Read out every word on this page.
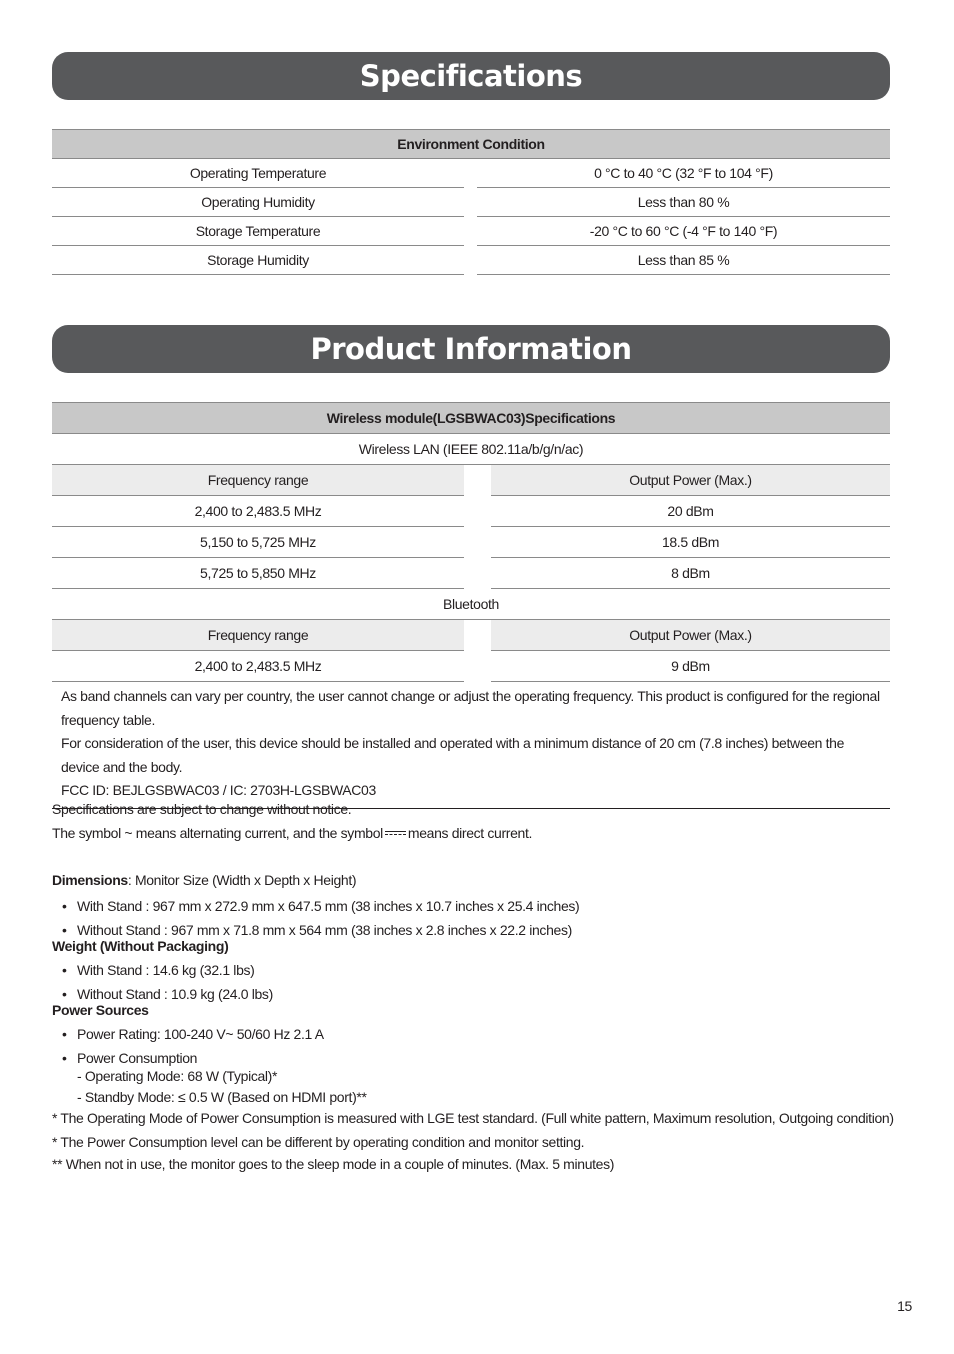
Specifications
Environment Condition
Operating Temperature	0 °C to 40 °C (32 °F to 104 °F)
Operating Humidity	Less than 80 %
Storage Temperature	-20 °C to 60 °C (-4 °F to 140 °F)
Storage Humidity	Less than 85 %
Product Information
Wireless module(LGSBWAC03)Specifications
Wireless LAN (IEEE 802.11a/b/g/n/ac)
Frequency range	Output Power (Max.)
2,400 to 2,483.5 MHz	20 dBm
5,150 to 5,725 MHz	18.5 dBm
5,725 to 5,850 MHz	8 dBm
Bluetooth
Frequency range	Output Power (Max.)
2,400 to 2,483.5 MHz	9 dBm
As band channels can vary per country, the user cannot change or adjust the operating frequency. This product is configured for the regional frequency table.
For consideration of the user, this device should be installed and operated with a minimum distance of 20 cm (7.8 inches) between the device and the body.
FCC ID: BEJLGSBWAC03 / IC: 2703H-LGSBWAC03

Specifications are subject to change without notice.

The symbol ~ means alternating current, and the symbol means direct current.

Dimensions: Monitor Size (Width x Depth x Height)

• With Stand : 967 mm x 272.9 mm x 647.5 mm (38 inches x 10.7 inches x 25.4 inches)
• Without Stand : 967 mm x 71.8 mm x 564 mm (38 inches x 2.8 inches x 22.2 inches)

Weight (Without Packaging)

• With Stand : 14.6 kg (32.1 lbs)
• Without Stand : 10.9 kg (24.0 lbs)

Power Sources

• Power Rating: 100-240 V~ 50/60 Hz 2.1 A
• Power Consumption
- Operating Mode: 68 W (Typical)*
- Standby Mode: ≤ 0.5 W (Based on HDMI port)**

* The Operating Mode of Power Consumption is measured with LGE test standard. (Full white pattern, Maximum resolution, Outgoing condition)

* The Power Consumption level can be different by operating condition and monitor setting.

** When not in use, the monitor goes to the sleep mode in a couple of minutes. (Max. 5 minutes)

15
